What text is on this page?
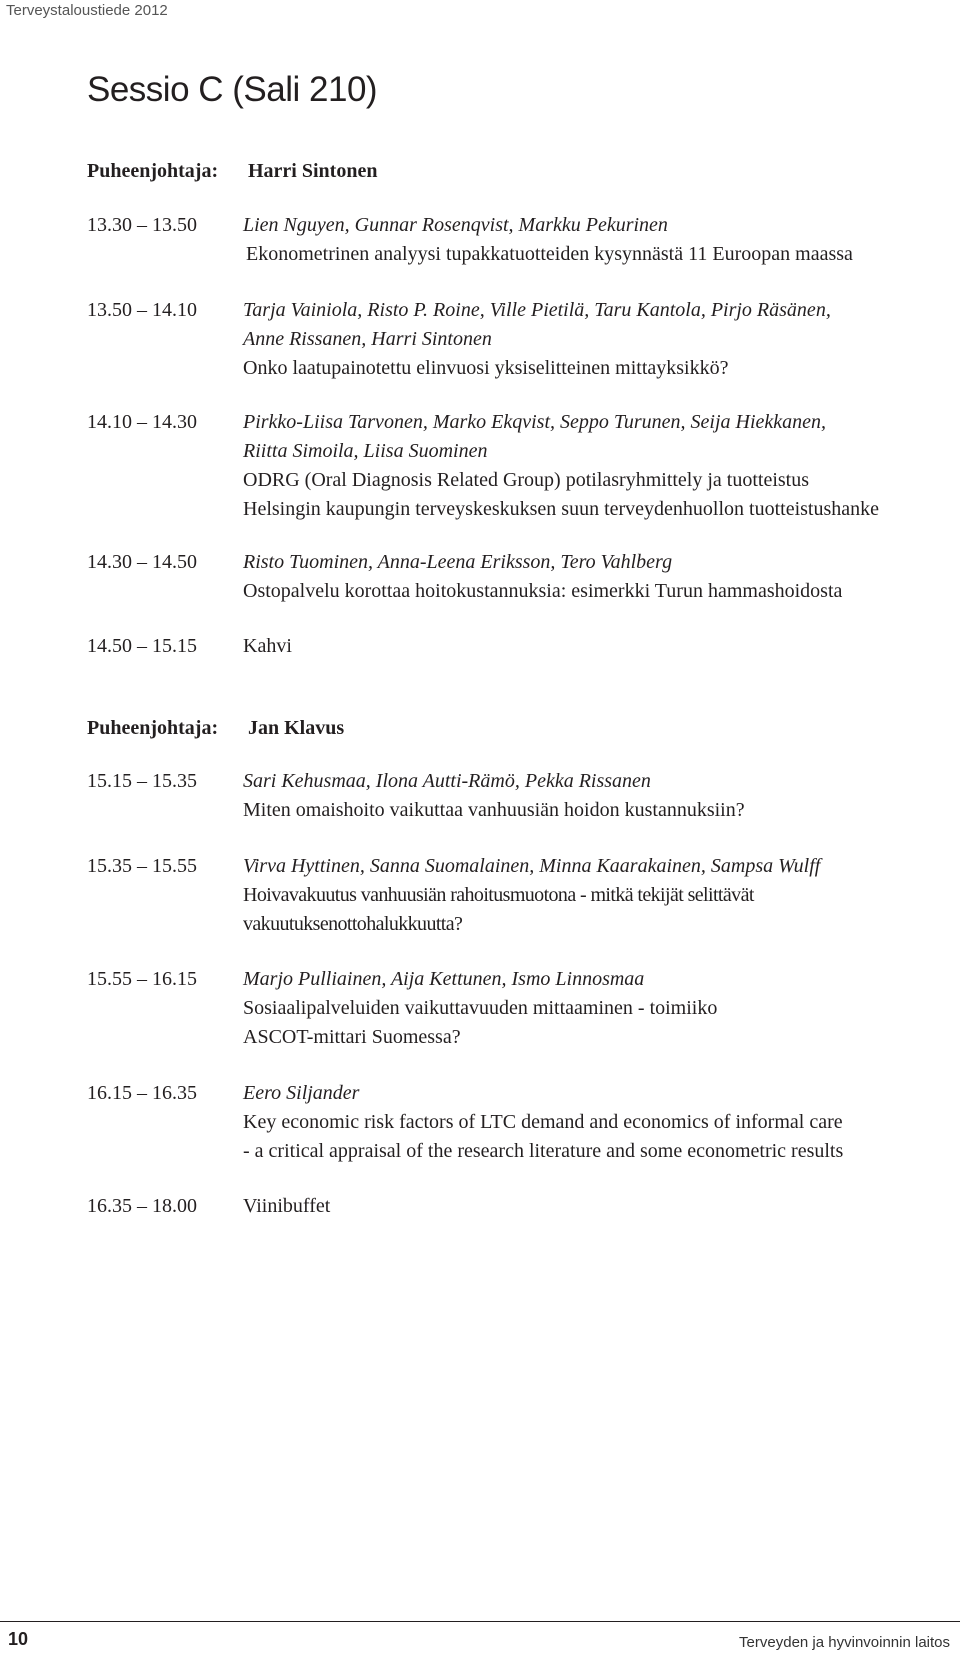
Terveystaloustiede 2012
Sessio C (Sali 210)
Puheenjohtaja: Harri Sintonen
13.30 – 13.50 Lien Nguyen, Gunnar Rosenqvist, Markku Pekurinen
Ekonometrinen analyysi tupakkatuotteiden kysynnästä 11 Euroopan maassa
13.50 – 14.10 Tarja Vainiola, Risto P. Roine, Ville Pietilä, Taru Kantola, Pirjo Räsänen,
Anne Rissanen, Harri Sintonen
Onko laatupainotettu elinvuosi yksiselitteinen mittayksikkö?
14.10 – 14.30 Pirkko-Liisa Tarvonen, Marko Ekqvist, Seppo Turunen, Seija Hiekkanen,
Riitta Simoila, Liisa Suominen
ODRG (Oral Diagnosis Related Group) potilasryhmittely ja tuotteistus
Helsingin kaupungin terveyskeskuksen suun terveydenhuollon tuotteistushanke
14.30 – 14.50 Risto Tuominen, Anna-Leena Eriksson, Tero Vahlberg
Ostopalvelu korottaa hoitokustannuksia: esimerkki Turun hammashoidosta
14.50 – 15.15 Kahvi
Puheenjohtaja: Jan Klavus
15.15 – 15.35 Sari Kehusmaa, Ilona Autti-Rämö, Pekka Rissanen
Miten omaishoito vaikuttaa vanhuusiän hoidon kustannuksiin?
15.35 – 15.55 Virva Hyttinen, Sanna Suomalainen, Minna Kaarakainen, Sampsa Wulff
Hoivavakuutus vanhuusiän rahoitusmuotona - mitkä tekijät selittävät
vakuutuksenottohalukkuutta?
15.55 – 16.15 Marjo Pulliainen, Aija Kettunen, Ismo Linnosmaa
Sosiaalipalveluiden vaikuttavuuden mittaaminen - toimiiko
ASCOT-mittari Suomessa?
16.15 – 16.35 Eero Siljander
Key economic risk factors of LTC demand and economics of informal care
- a critical appraisal of the research literature and some econometric results
16.35 – 18.00 Viinibuffet
10	Terveyden ja hyvinvoinnin laitos
